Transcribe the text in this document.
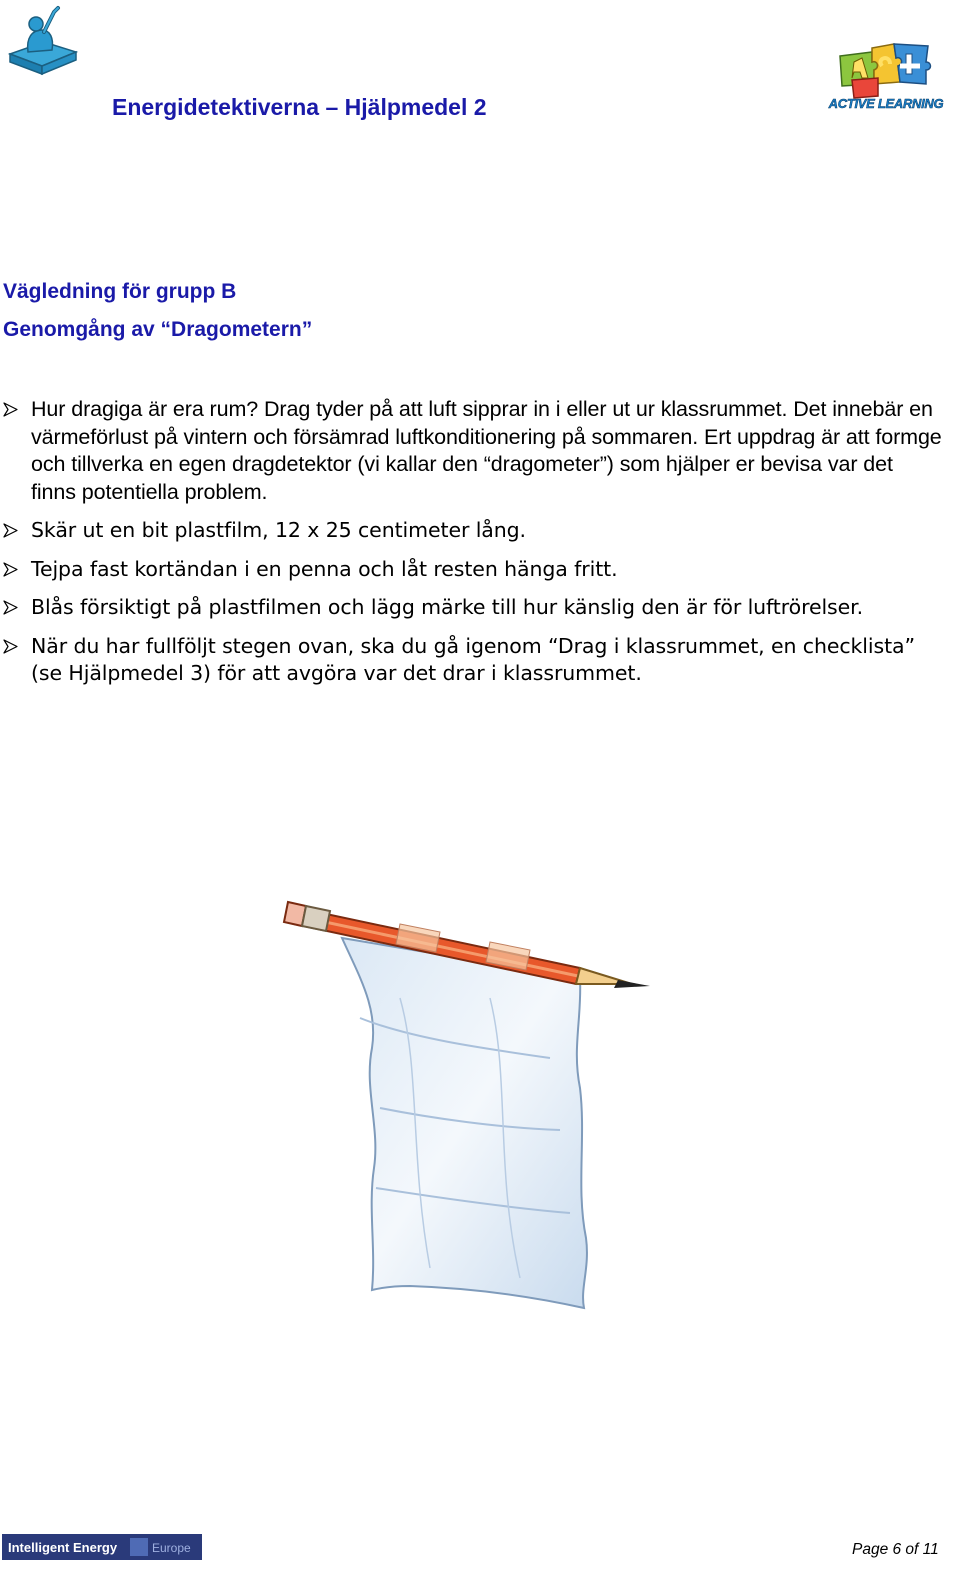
ACTIVE LEARNING
Energidetektiverna – Hjälpmedel 2
Vägledning för grupp B
Genomgång av “Dragometern”
Hur dragiga är era rum? Drag tyder på att luft sipprar in i eller ut ur klassrummet. Det innebär en värmeförlust på vintern och försämrad luftkonditionering på sommaren. Ert uppdrag är att formge och tillverka en egen dragdetektor (vi kallar den “dragometer”) som hjälper er bevisa var det finns potentiella problem.
Skär ut en bit plastfilm, 12 x 25 centimeter lång.
Tejpa fast kortändan i en penna och låt resten hänga fritt.
Blås försiktigt på plastfilmen och lägg märke till hur känslig den är för luftrörelser.
När du har fullföljt stegen ovan, ska du gå igenom “Drag i klassrummet, en checklista” (se Hjälpmedel 3) för att avgöra var det drar i klassrummet.
Intelligent Energy	Europe	Page 6 of 11
